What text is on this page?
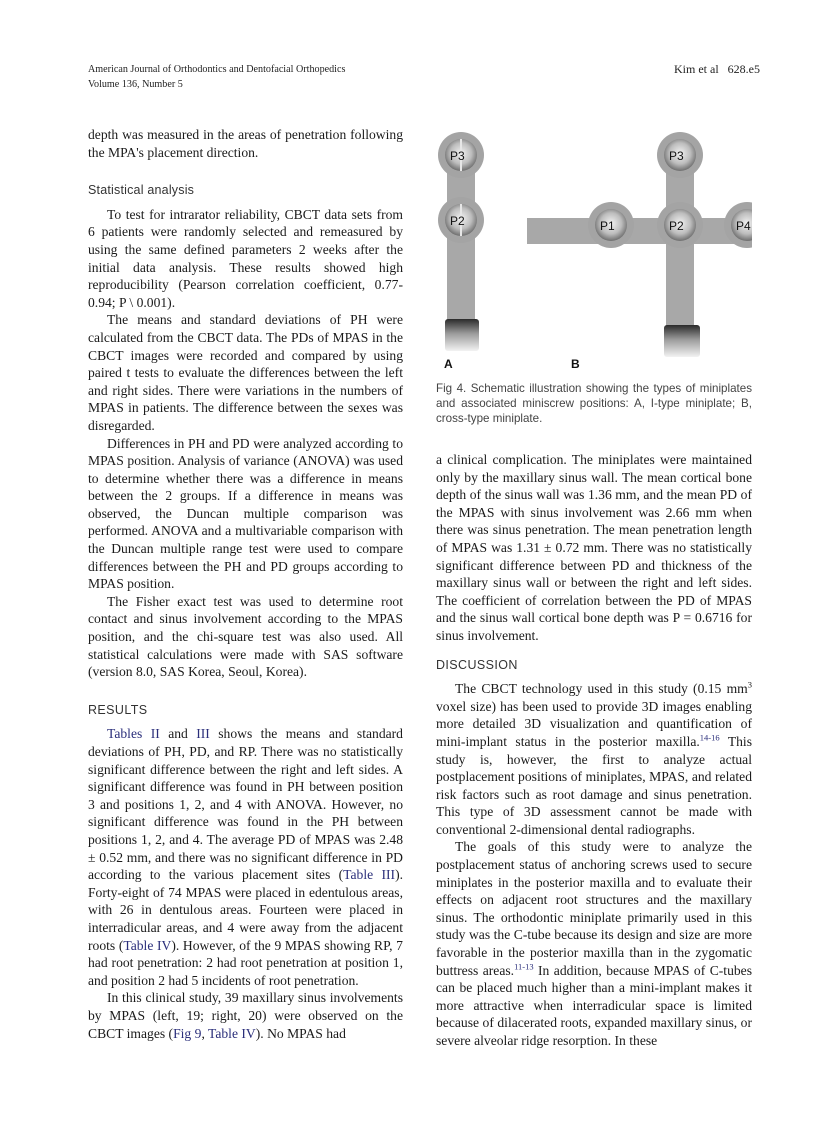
American Journal of Orthodontics and Dentofacial Orthopedics
Volume 136, Number 5
Kim et al 628.e5

depth was measured in the areas of penetration following the MPA's placement direction.

Statistical analysis

To test for intrarator reliability, CBCT data sets from 6 patients were randomly selected and remeasured by using the same defined parameters 2 weeks after the initial data analysis. These results showed high reproducibility (Pearson correlation coefficient, 0.77-0.94; P \ 0.001).

The means and standard deviations of PH were calculated from the CBCT data. The PDs of MPAS in the CBCT images were recorded and compared by using paired t tests to evaluate the differences between the left and right sides. There were variations in the numbers of MPAS in patients. The difference between the sexes was disregarded.

Differences in PH and PD were analyzed according to MPAS position. Analysis of variance (ANOVA) was used to determine whether there was a difference in means between the 2 groups. If a difference in means was observed, the Duncan multiple comparison was performed. ANOVA and a multivariable comparison with the Duncan multiple range test were used to compare differences between the PH and PD groups according to MPAS position.

The Fisher exact test was used to determine root contact and sinus involvement according to the MPAS position, and the chi-square test was also used. All statistical calculations were made with SAS software (version 8.0, SAS Korea, Seoul, Korea).

RESULTS

Tables II and III shows the means and standard deviations of PH, PD, and RP. There was no statistically significant difference between the right and left sides. A significant difference was found in PH between position 3 and positions 1, 2, and 4 with ANOVA. However, no significant difference was found in the PH between positions 1, 2, and 4. The average PD of MPAS was 2.48 ± 0.52 mm, and there was no significant difference in PD according to the various placement sites (Table III). Forty-eight of 74 MPAS were placed in edentulous areas, with 26 in dentulous areas. Fourteen were placed in interradicular areas, and 4 were away from the adjacent roots (Table IV). However, of the 9 MPAS showing RP, 7 had root penetration: 2 had root penetration at position 1, and position 2 had 5 incidents of root penetration.

In this clinical study, 39 maxillary sinus involvements by MPAS (left, 19; right, 20) were observed on the CBCT images (Fig 9, Table IV). No MPAS had

P3
P2
P3
P1	P2	P4
A	B

Fig 4. Schematic illustration showing the types of miniplates and associated miniscrew positions: A, I-type miniplate; B, cross-type miniplate.

a clinical complication. The miniplates were maintained only by the maxillary sinus wall. The mean cortical bone depth of the sinus wall was 1.36 mm, and the mean PD of the MPAS with sinus involvement was 2.66 mm when there was sinus penetration. The mean penetration length of MPAS was 1.31 ± 0.72 mm. There was no statistically significant difference between PD and thickness of the maxillary sinus wall or between the right and left sides. The coefficient of correlation between the PD of MPAS and the sinus wall cortical bone depth was P = 0.6716 for sinus involvement.

DISCUSSION

The CBCT technology used in this study (0.15 $mm^3$ voxel size) has been used to provide 3D images enabling more detailed 3D visualization and quantification of mini-implant status in the posterior maxilla.$^{14-16}$ This study is, however, the first to analyze actual postplacement positions of miniplates, MPAS, and related risk factors such as root damage and sinus penetration. This type of 3D assessment cannot be made with conventional 2-dimensional dental radiographs.

The goals of this study were to analyze the postplacement status of anchoring screws used to secure miniplates in the posterior maxilla and to evaluate their effects on adjacent root structures and the maxillary sinus. The orthodontic miniplate primarily used in this study was the C-tube because its design and size are more favorable in the posterior maxilla than in the zygomatic buttress areas.$^{11-13}$ In addition, because MPAS of C-tubes can be placed much higher than a mini-implant makes it more attractive when interradicular space is limited because of dilacerated roots, expanded maxillary sinus, or severe alveolar ridge resorption. In these
